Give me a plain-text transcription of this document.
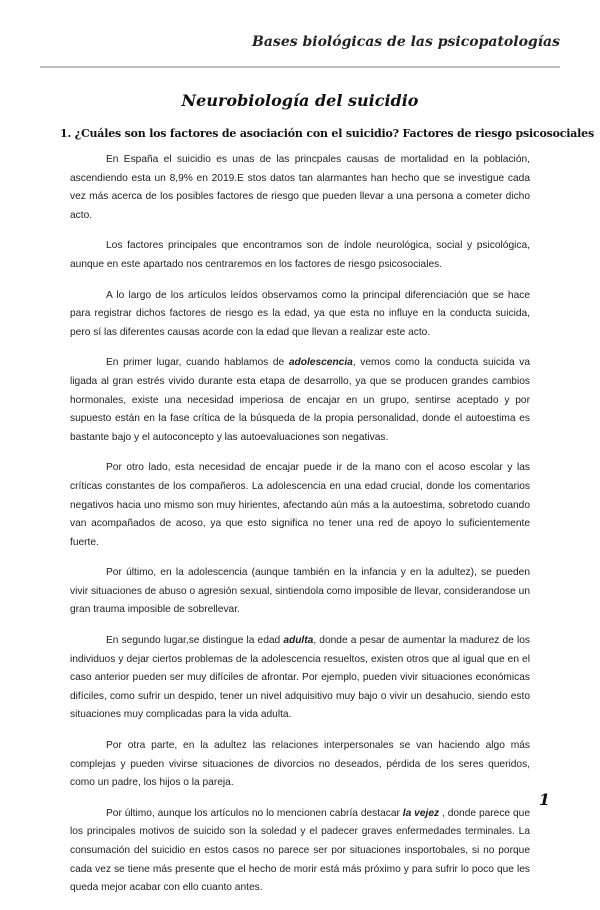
Bases biológicas de las psicopatologías
Neurobiología del suicidio
1. ¿Cuáles son los factores de asociación con el suicidio? Factores de riesgo psicosociales

En España el suicidio es unas de las princpales causas de mortalidad en la población, ascendiendo esta un 8,9% en 2019.E stos datos tan alarmantes han hecho que se investigue cada vez más acerca de los posibles factores de riesgo que pueden llevar a una persona a cometer dicho acto.

Los factores principales que encontramos son de índole neurológica, social y psicológica, aunque en este apartado nos centraremos en los factores de riesgo psicosociales.

A lo largo de los artículos leídos observamos como la principal diferenciación que se hace para registrar dichos factores de riesgo es la edad, ya que esta no influye en la conducta suicida, pero sí las diferentes causas acorde con la edad que llevan a realizar este acto.

En primer lugar, cuando hablamos de adolescencia, vemos como la conducta suicida va ligada al gran estrés vivido durante esta etapa de desarrollo, ya que se producen grandes cambios hormonales, existe una necesidad imperiosa de encajar en un grupo, sentirse aceptado y por supuesto están en la fase crítica de la búsqueda de la propia personalidad, donde el autoestima es bastante bajo y el autoconcepto y las autoevaluaciones son negativas.

Por otro lado, esta necesidad de encajar puede ir de la mano con el acoso escolar y las críticas constantes de los compañeros. La adolescencia en una edad crucial, donde los comentarios negativos hacia uno mismo son muy hirientes, afectando aún más a la autoestima, sobretodo cuando van acompañados de acoso, ya que esto significa no tener una red de apoyo lo suficientemente fuerte.

Por último, en la adolescencia (aunque también en la infancia y en la adultez), se pueden vivir situaciones de abuso o agresión sexual, sintiendola como imposible de llevar, considerandose un gran trauma imposible de sobrellevar.

En segundo lugar,se distingue la edad adulta, donde a pesar de aumentar la madurez de los individuos y dejar ciertos problemas de la adolescencia resueltos, existen otros que al igual que en el caso anterior pueden ser muy difíciles de afrontar. Por ejemplo, pueden vivir situaciones económicas difíciles, como sufrir un despido, tener un nivel adquisitivo muy bajo o vivir un desahucio, siendo esto situaciones muy complicadas para la vida adulta.

Por otra parte, en la adultez las relaciones interpersonales se van haciendo algo más complejas y pueden vivirse situaciones de divorcios no deseados, pérdida de los seres queridos, como un padre, los hijos o la pareja.

Por último, aunque los artículos no lo mencionen cabría destacar la vejez , donde parece que los principales motivos de suicido son la soledad y el padecer graves enfermedades terminales. La consumación del suicidio en estos casos no parece ser por situaciones insportobales, si no porque cada vez se tiene más presente que el hecho de morir está más próximo y para sufrir lo poco que les queda mejor acabar con ello cuanto antes.

1
